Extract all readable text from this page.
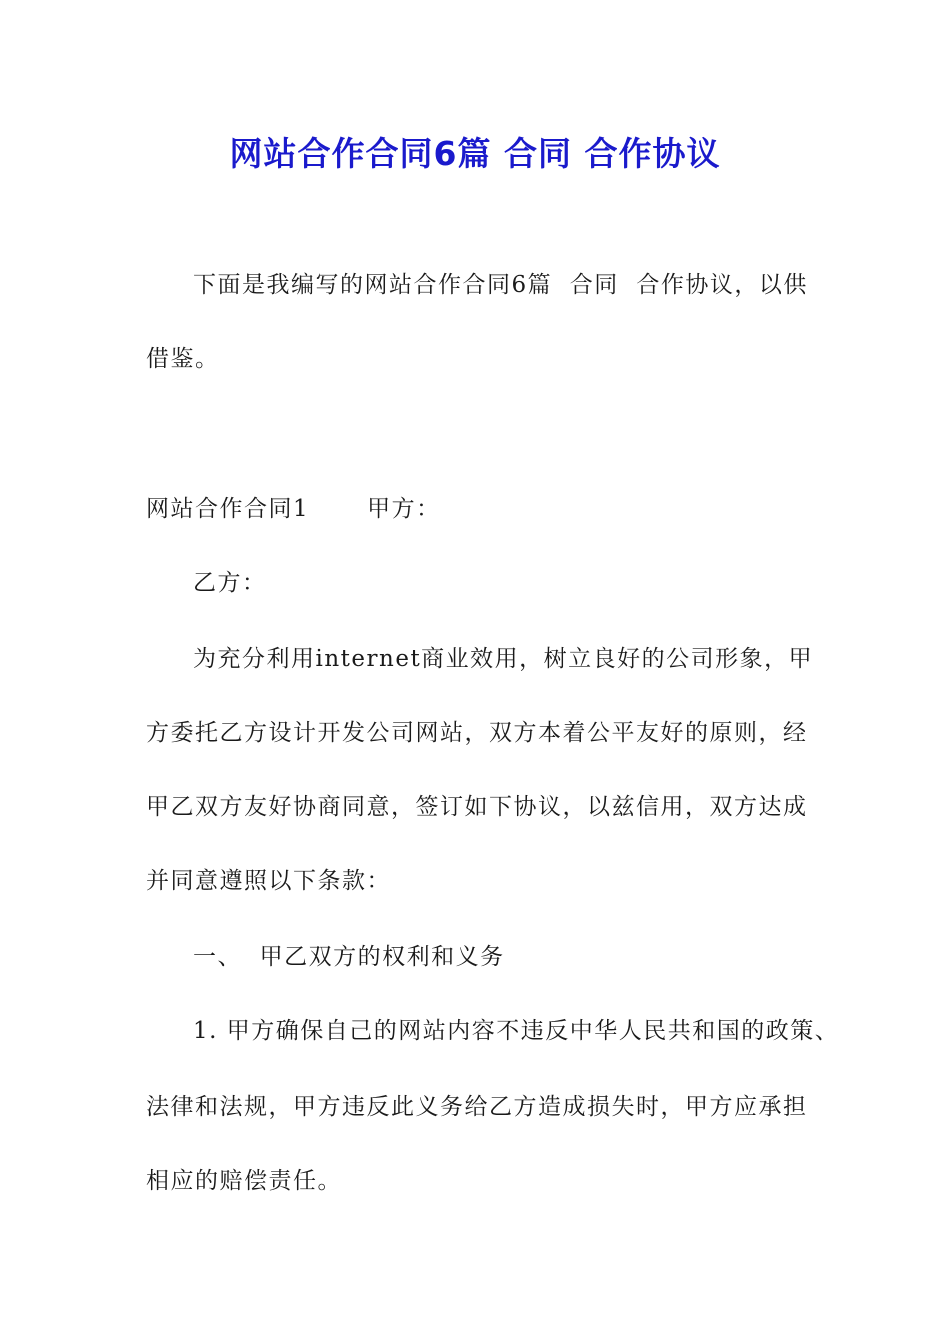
网站合作合同6篇 合同 合作协议
下面是我编写的网站合作合同6篇  合同  合作协议，以供
借鉴。
网站合作合同1	甲方：
乙方：
为充分利用internet商业效用，树立良好的公司形象，甲
方委托乙方设计开发公司网站，双方本着公平友好的原则，经
甲乙双方友好协商同意，签订如下协议，以兹信用，双方达成
并同意遵照以下条款：
一、  甲乙双方的权利和义务
1. 甲方确保自己的网站内容不违反中华人民共和国的政策、
法律和法规，甲方违反此义务给乙方造成损失时，甲方应承担
相应的赔偿责任。
